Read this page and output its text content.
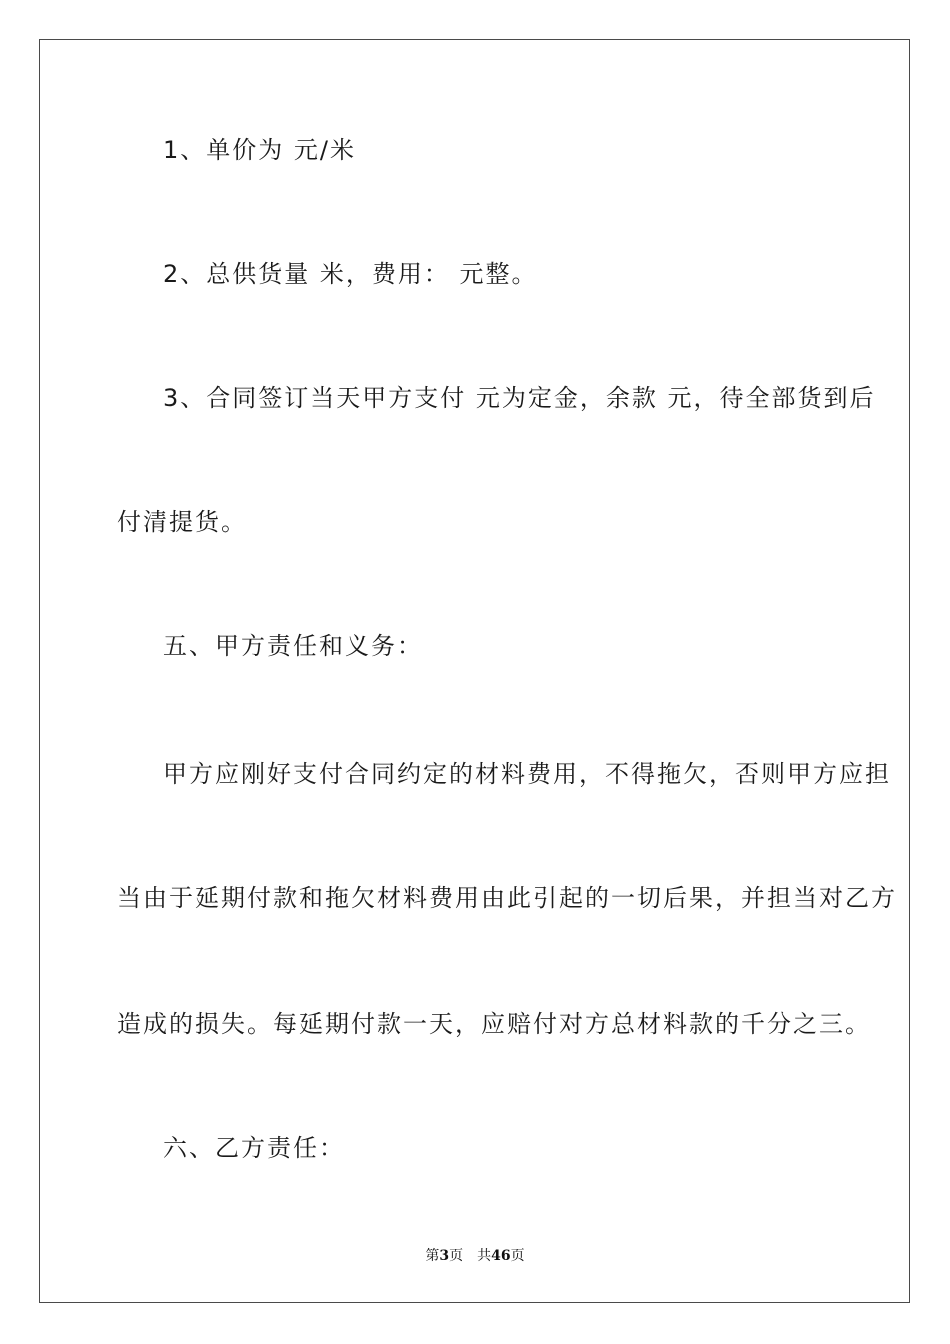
1、单价为 元/米
2、总供货量 米，费用： 元整。
3、合同签订当天甲方支付 元为定金，余款 元，待全部货到后
付清提货。
五、甲方责任和义务：
甲方应刚好支付合同约定的材料费用，不得拖欠，否则甲方应担
当由于延期付款和拖欠材料费用由此引起的一切后果，并担当对乙方
造成的损失。每延期付款一天，应赔付对方总材料款的千分之三。
六、乙方责任：
第3页 共46页
